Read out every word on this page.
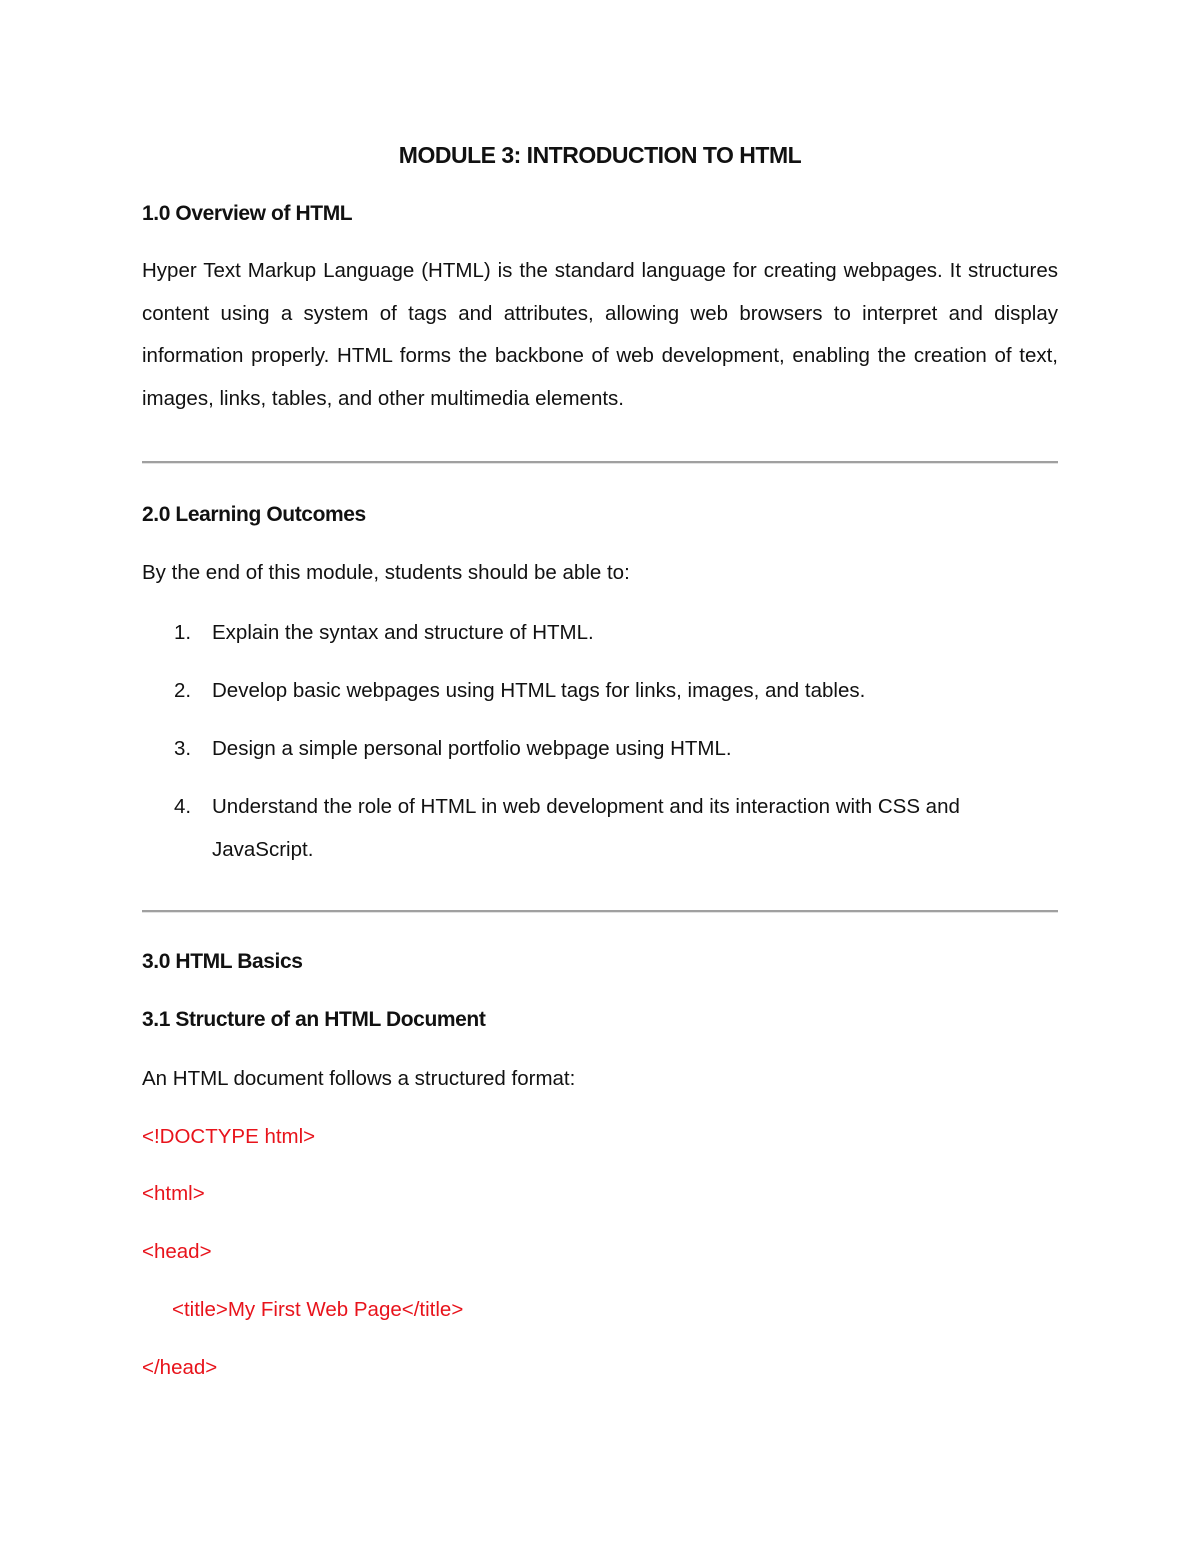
MODULE 3: INTRODUCTION TO HTML
1.0 Overview of HTML
Hyper Text Markup Language (HTML) is the standard language for creating webpages. It structures content using a system of tags and attributes, allowing web browsers to interpret and display information properly. HTML forms the backbone of web development, enabling the creation of text, images, links, tables, and other multimedia elements.
2.0 Learning Outcomes
By the end of this module, students should be able to:
1. Explain the syntax and structure of HTML.
2. Develop basic webpages using HTML tags for links, images, and tables.
3. Design a simple personal portfolio webpage using HTML.
4. Understand the role of HTML in web development and its interaction with CSS and JavaScript.
3.0 HTML Basics
3.1 Structure of an HTML Document
An HTML document follows a structured format:
<!DOCTYPE html>
<html>
<head>
<title>My First Web Page</title>
</head>
